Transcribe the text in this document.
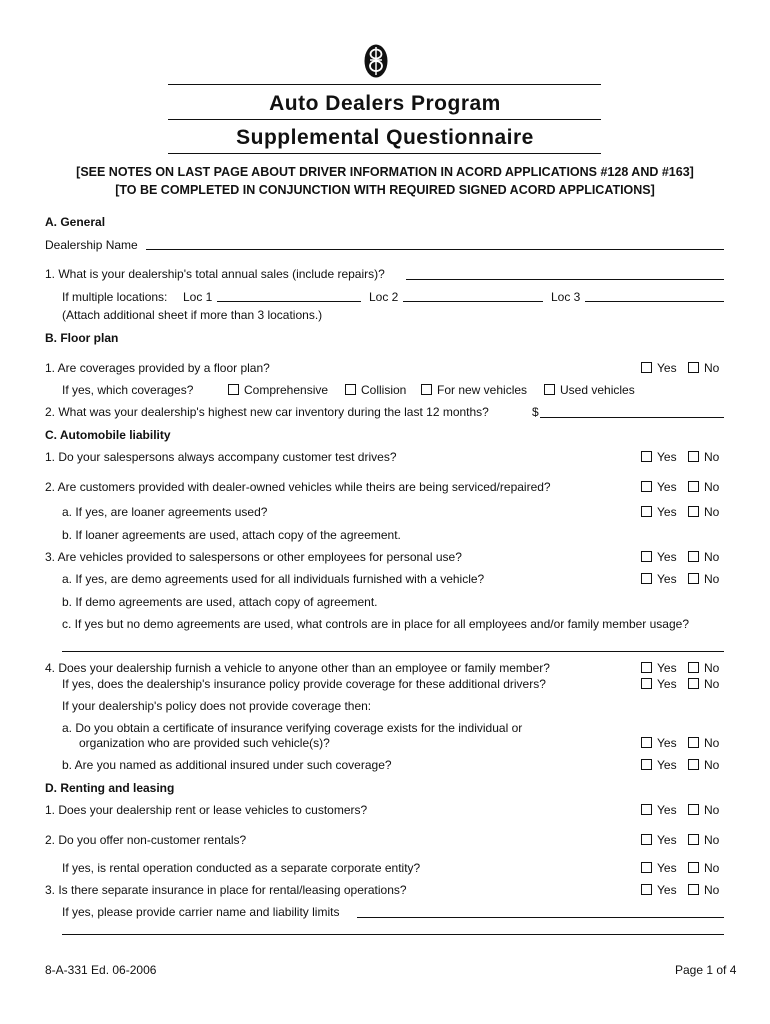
Auto Dealers Program
Supplemental Questionnaire
[SEE NOTES ON LAST PAGE ABOUT DRIVER INFORMATION IN ACORD APPLICATIONS #128 AND #163]
[TO BE COMPLETED IN CONJUNCTION WITH REQUIRED SIGNED ACORD APPLICATIONS]
A. General
Dealership Name
1. What is your dealership's total annual sales (include repairs)?
If multiple locations: Loc 1	Loc 2	Loc 3
(Attach additional sheet if more than 3 locations.)
B. Floor plan
1. Are coverages provided by a floor plan?	Yes No
If yes, which coverages?	Comprehensive	Collision	For new vehicles	Used vehicles
2. What was your dealership's highest new car inventory during the last 12 months?	$
C. Automobile liability
1. Do your salespersons always accompany customer test drives?	Yes No
2. Are customers provided with dealer-owned vehicles while theirs are being serviced/repaired?	Yes No
a. If yes, are loaner agreements used?	Yes No
b. If loaner agreements are used, attach copy of the agreement.
3. Are vehicles provided to salespersons or other employees for personal use?	Yes No
a. If yes, are demo agreements used for all individuals furnished with a vehicle?	Yes No
b. If demo agreements are used, attach copy of agreement.
c. If yes but no demo agreements are used, what controls are in place for all employees and/or family member usage?
4. Does your dealership furnish a vehicle to anyone other than an employee or family member?	Yes No
If yes, does the dealership's insurance policy provide coverage for these additional drivers?	Yes No
If your dealership's policy does not provide coverage then:
a. Do you obtain a certificate of insurance verifying coverage exists for the individual or
organization who are provided such vehicle(s)?	Yes No
b. Are you named as additional insured under such coverage?	Yes No
D. Renting and leasing
1. Does your dealership rent or lease vehicles to customers?	Yes No
2. Do you offer non-customer rentals?	Yes No
If yes, is rental operation conducted as a separate corporate entity?	Yes No
3. Is there separate insurance in place for rental/leasing operations?	Yes No
If yes, please provide carrier name and liability limits
8-A-331 Ed. 06-2006	Page 1 of 4
